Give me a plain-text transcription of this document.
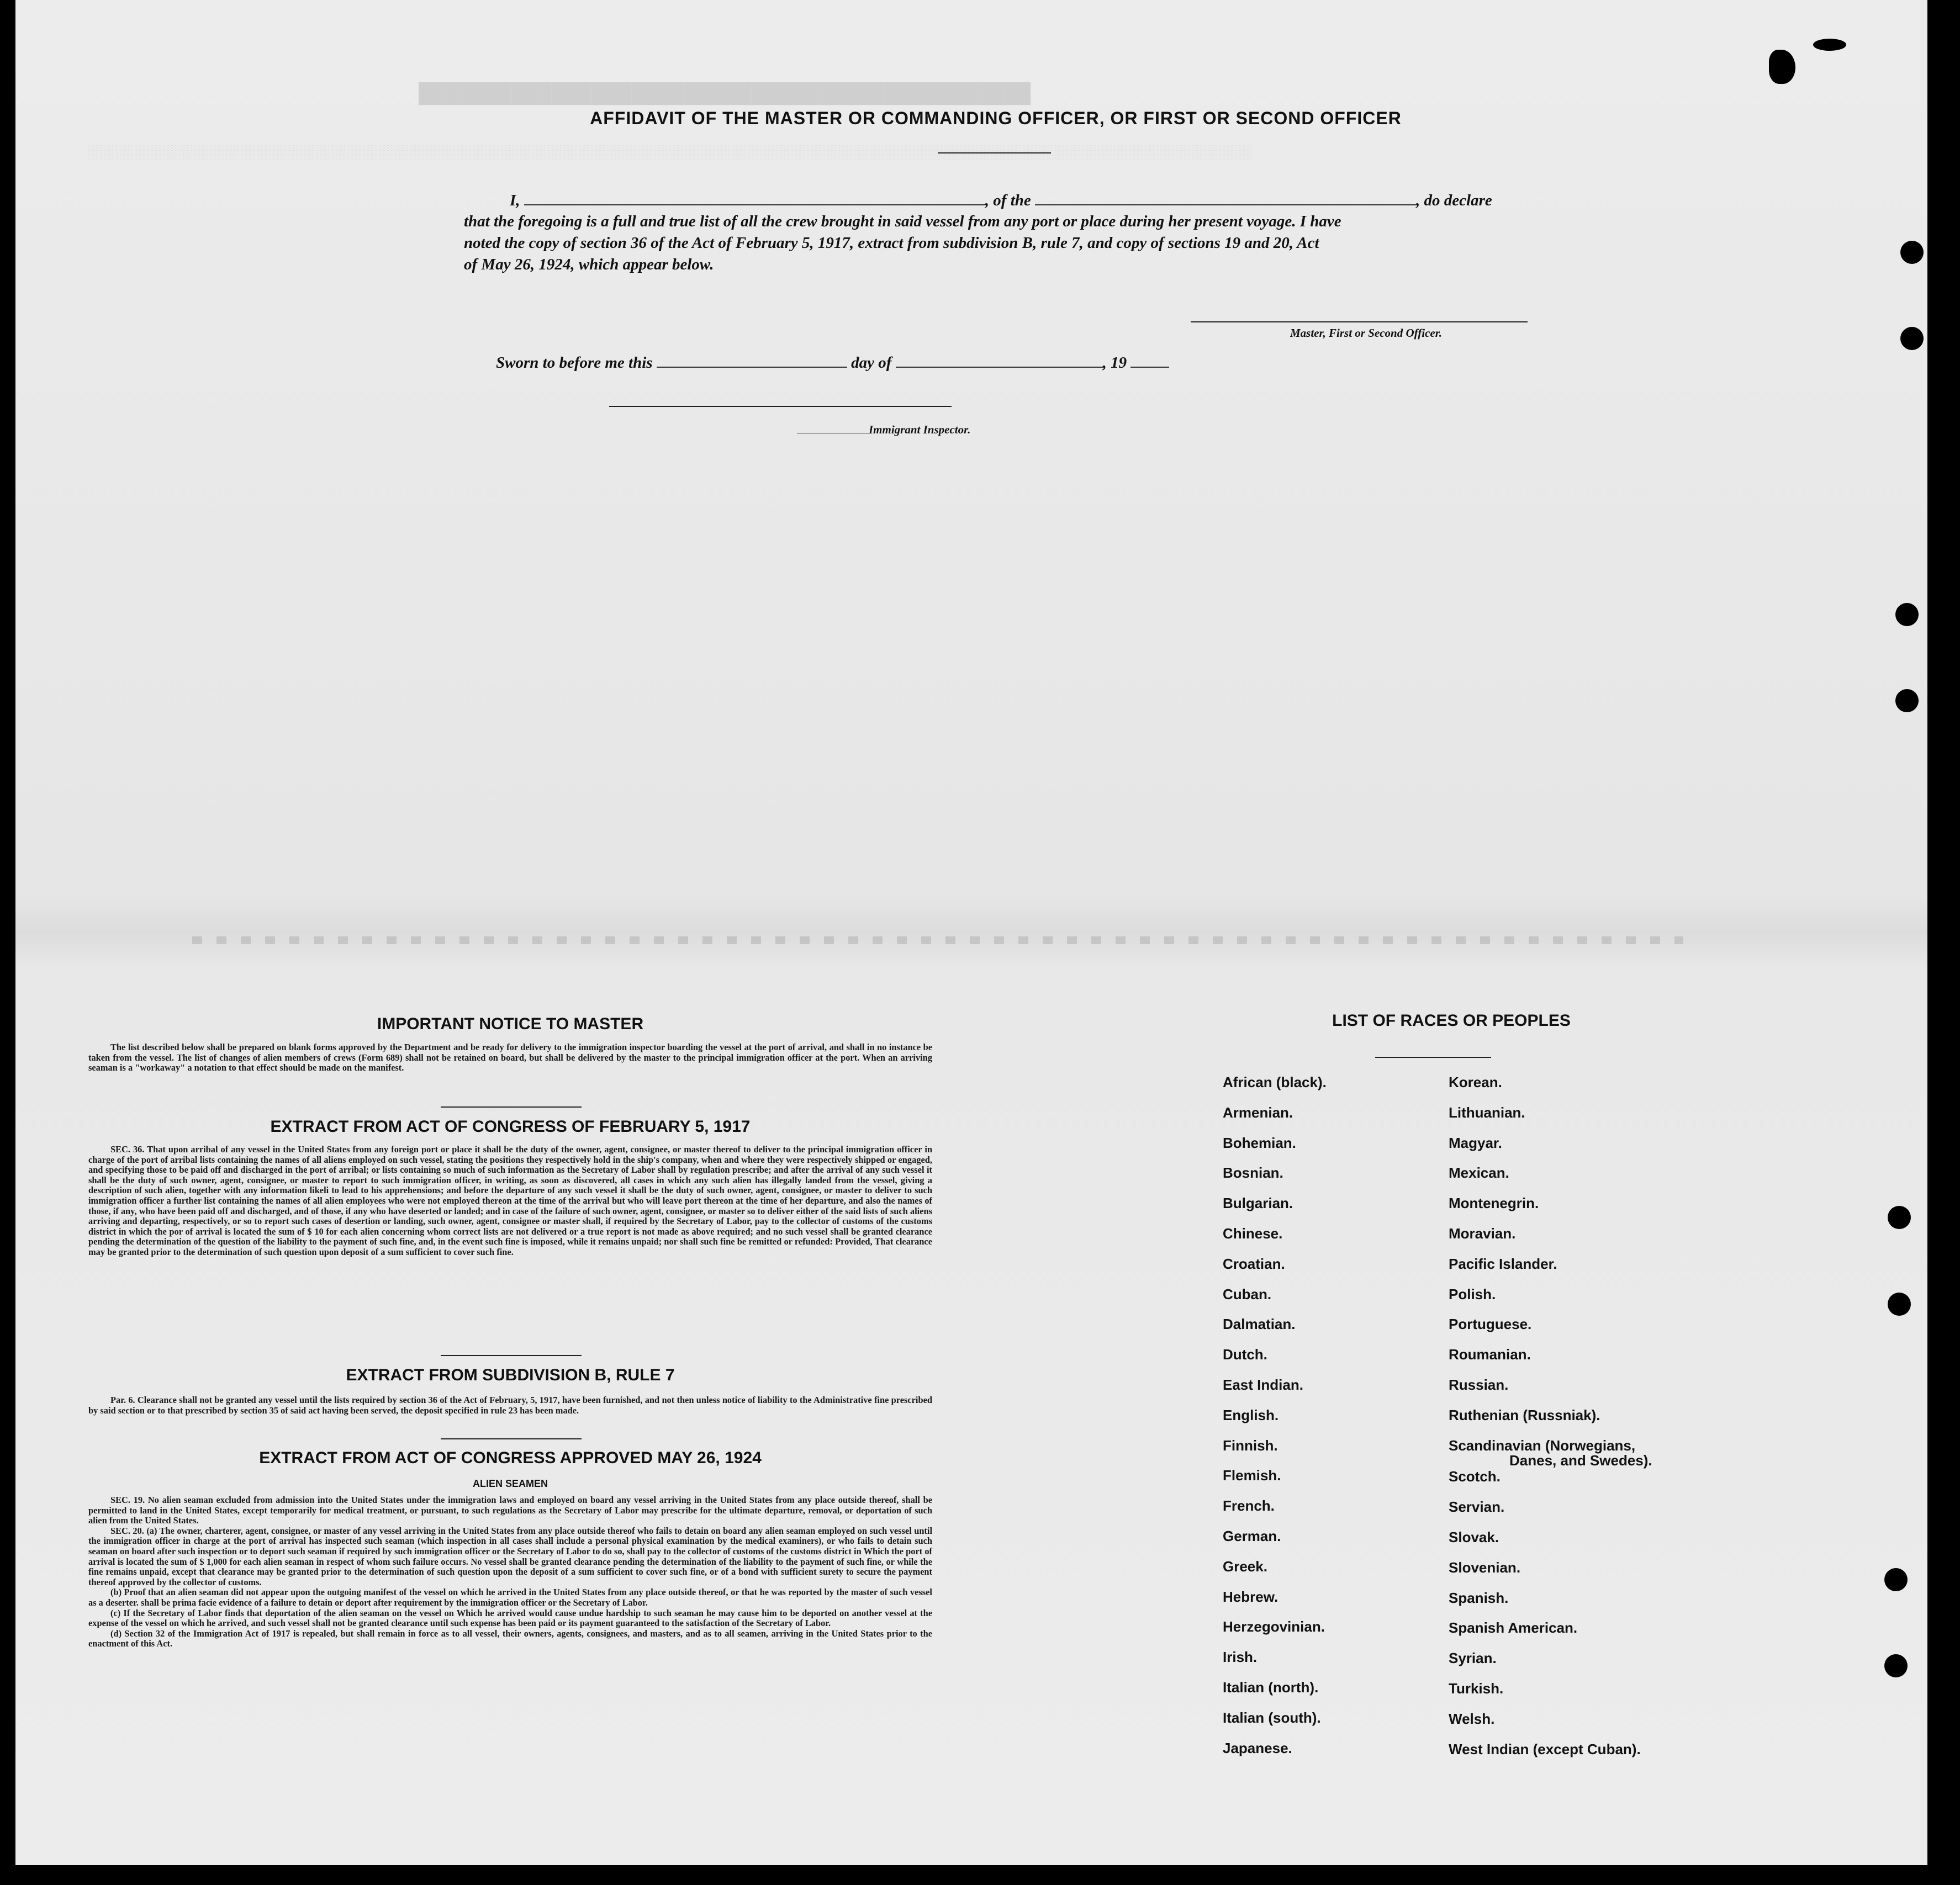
██████████████████████████████████████████████
░░░░░░░░░░░░░░░░░░░░░░░░░░░░░░░░░░░░░░░░░░░░░░░░░░░░░░░░░░░░░░░░░░░░░░░░░░░░░░░░░░░░░░░░░░░░░░░░░░░░░░░░░░░░░░░░░░░░░░░░░░░░
AFFIDAVIT OF THE MASTER OR COMMANDING OFFICER, OR FIRST OR SECOND OFFICER
I,	, of the	, do declare
that the foregoing is a full and true list of all the crew brought in said vessel from any port or place during her present voyage. I have
noted the copy of section 36 of the Act of February 5, 1917, extract from subdivision B, rule 7, and copy of sections 19 and 20, Act
of May 26, 1924, which appear below.
Master, First or Second Officer.
Sworn to before me this	day of	, 19
Immigrant Inspector.
IMPORTANT NOTICE TO MASTER

The list described below shall be prepared on blank forms approved by the Department and be ready for delivery to the immigration inspector boarding the vessel at the port of arrival, and shall in no instance be taken from the vessel. The list of changes of alien members of crews (Form 689) shall not be retained on board, but shall be delivered by the master to the principal immigration officer at the port. When an arriving seaman is a "workaway" a notation to that effect should be made on the manifest.

EXTRACT FROM ACT OF CONGRESS OF FEBRUARY 5, 1917

SEC. 36. That upon arribal of any vessel in the United States from any foreign port or place it shall be the duty of the owner, agent, consignee, or master thereof to deliver to the principal immigration officer in charge of the port of arribal lists containing the names of all aliens employed on such vessel, stating the positions they respectively hold in the ship's company, when and where they were respectively shipped or engaged, and specifying those to be paid off and discharged in the port of arribal; or lists containing so much of such information as the Secretary of Labor shall by regulation prescribe; and after the arrival of any such vessel it shall be the duty of such owner, agent, consignee, or master to report to such immigration officer, in writing, as soon as discovered, all cases in which any such alien has illegally landed from the vessel, giving a description of such alien, together with any information likeli to lead to his apprehensions; and before the departure of any such vessel it shall be the duty of such owner, agent, consignee, or master to deliver to such immigration officer a further list containing the names of all alien employees who were not employed thereon at the time of the arrival but who will leave port thereon at the time of her departure, and also the names of those, if any, who have been paid off and discharged, and of those, if any who have deserted or landed; and in case of the failure of such owner, agent, consignee, or master so to deliver either of the said lists of such aliens arriving and departing, respectively, or so to report such cases of desertion or landing, such owner, agent, consignee or master shall, if required by the Secretary of Labor, pay to the collector of customs of the customs district in which the por of arrival is located the sum of $ 10 for each alien concerning whom correct lists are not delivered or a true report is not made as above required; and no such vessel shall be granted clearance pending the determination of the question of the liability to the payment of such fine, and, in the event such fine is imposed, while it remains unpaid; nor shall such fine be remitted or refunded: Provided, That clearance may be granted prior to the determination of such question upon deposit of a sum sufficient to cover such fine.

EXTRACT FROM SUBDIVISION B, RULE 7

Par. 6. Clearance shall not be granted any vessel until the lists required by section 36 of the Act of February, 5, 1917, have been furnished, and not then unless notice of liability to the Administrative fine prescribed by said section or to that prescribed by section 35 of said act having been served, the deposit specified in rule 23 has been made.

EXTRACT FROM ACT OF CONGRESS APPROVED MAY 26, 1924
ALIEN SEAMEN

SEC. 19. No alien seaman excluded from admission into the United States under the immigration laws and employed on board any vessel arriving in the United States from any place outside thereof, shall be permitted to land in the United States, except temporarily for medical treatment, or pursuant, to such regulations as the Secretary of Labor may prescribe for the ultimate departure, removal, or deportation of such alien from the United States.

SEC. 20. (a) The owner, charterer, agent, consignee, or master of any vessel arriving in the United States from any place outside thereof who fails to detain on board any alien seaman employed on such vessel until the immigration officer in charge at the port of arrival has inspected such seaman (which inspection in all cases shall include a personal physical examination by the medical examiners), or who fails to detain such seaman on board after such inspection or to deport such seaman if required by such immigration officer or the Secretary of Labor to do so, shall pay to the collector of customs of the customs district in Which the port of arrival is located the sum of $ 1,000 for each alien seaman in respect of whom such failure occurs. No vessel shall be granted clearance pending the determination of the liability to the payment of such fine, or while the fine remains unpaid, except that clearance may be granted prior to the determination of such question upon the deposit of a sum sufficient to cover such fine, or of a bond with sufficient surety to secure the payment thereof approved by the collector of customs.

(b) Proof that an alien seaman did not appear upon the outgoing manifest of the vessel on which he arrived in the United States from any place outside thereof, or that he was reported by the master of such vessel as a deserter. shall be prima facie evidence of a failure to detain or deport after requirement by the immigration officer or the Secretary of Labor.

(c) If the Secretary of Labor finds that deportation of the alien seaman on the vessel on Which he arrived would cause undue hardship to such seaman he may cause him to be deported on another vessel at the expense of the vessel on which he arrived, and such vessel shall not be granted clearance until such expense has been paid or its payment guaranteed to the satisfaction of the Secretary of Labor.

(d) Section 32 of the Immigration Act of 1917 is repealed, but shall remain in force as to all vessel, their owners, agents, consignees, and masters, and as to all seamen, arriving in the United States prior to the enactment of this Act.

LIST OF RACES OR PEOPLES
African (black).
Armenian.
Bohemian.
Bosnian.
Bulgarian.
Chinese.
Croatian.
Cuban.
Dalmatian.
Dutch.
East Indian.
English.
Finnish.
Flemish.
French.
German.
Greek.
Hebrew.
Herzegovinian.
Irish.
Italian (north).
Italian (south).
Japanese.
Korean.
Lithuanian.
Magyar.
Mexican.
Montenegrin.
Moravian.
Pacific Islander.
Polish.
Portuguese.
Roumanian.
Russian.
Ruthenian (Russniak).
Scandinavian (Norwegians,
Scotch.
Servian.
Slovak.
Slovenian.
Spanish.
Spanish American.
Syrian.
Turkish.
Welsh.
West Indian (except Cuban).
Danes, and Swedes).
